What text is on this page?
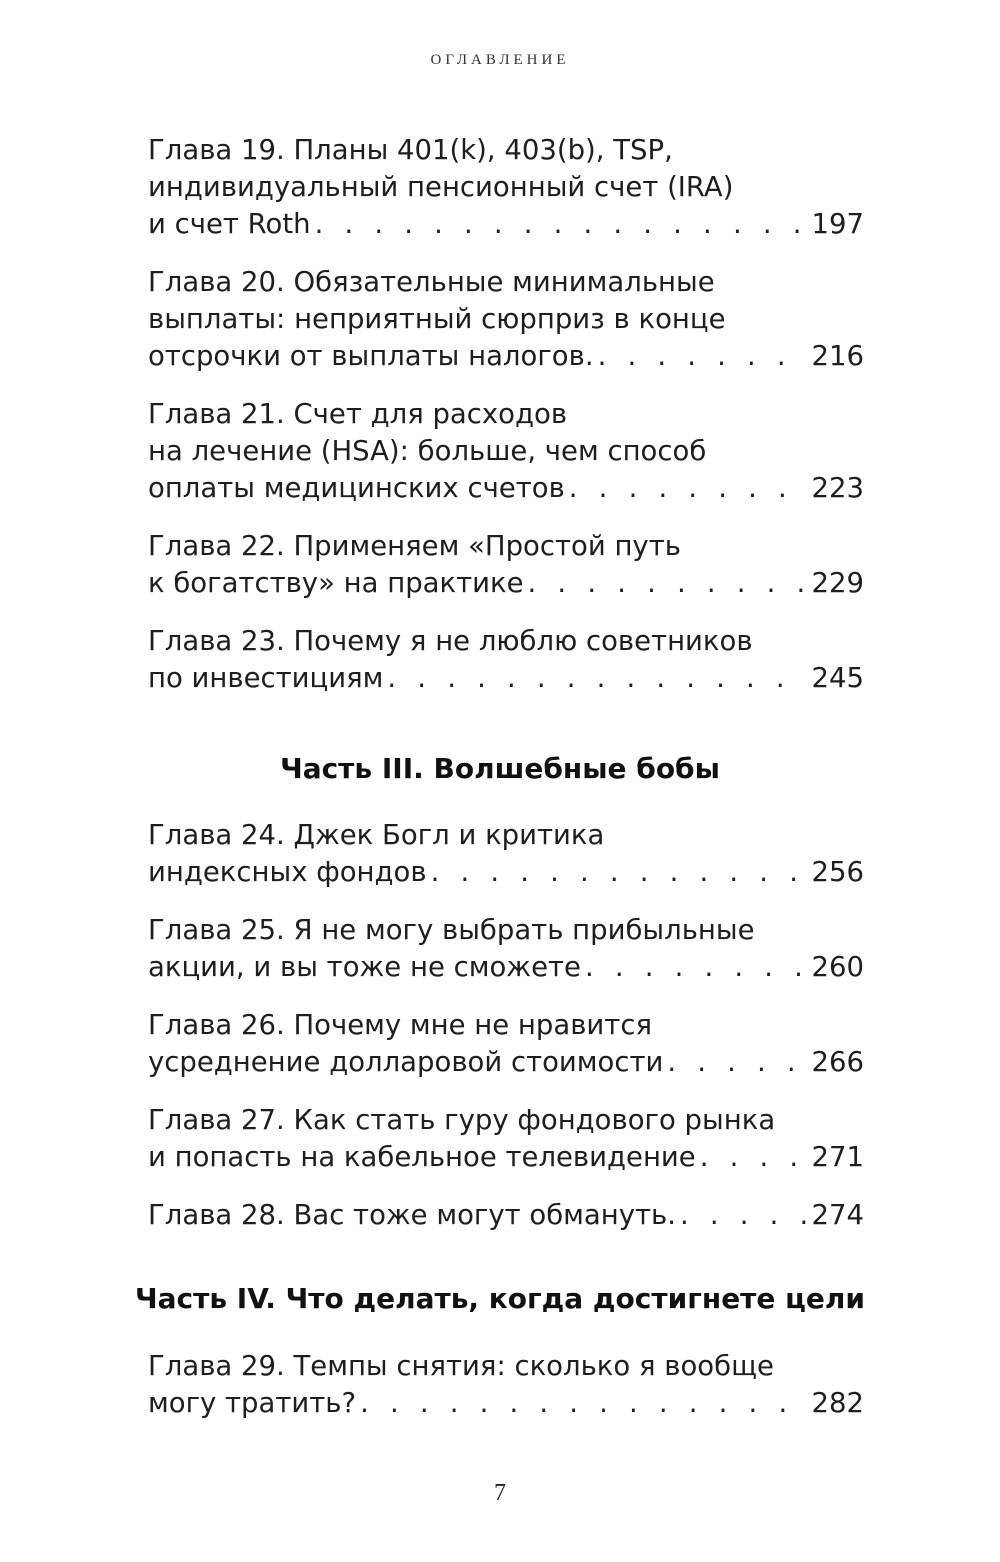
ОГЛАВЛЕНИЕ
Глава 19. Планы 401(k), 403(b), TSP,
индивидуальный пенсионный счет (IRA)
и счет Roth . . .	197
Глава 20. Обязательные минимальные
выплаты: неприятный сюрприз в конце
отсрочки от выплаты налогов. . . .	216
Глава 21. Счет для расходов
на лечение (HSA): больше, чем способ
оплаты медицинских счетов . . .	223
Глава 22. Применяем «Простой путь
к богатству» на практике . . .	229
Глава 23. Почему я не люблю советников
по инвестициям . . .	245
Часть III. Волшебные бобы
Глава 24. Джек Богл и критика
индексных фондов . . .	256
Глава 25. Я не могу выбрать прибыльные
акции, и вы тоже не сможете . . .	260
Глава 26. Почему мне не нравится
усреднение долларовой стоимости . . .	266
Глава 27. Как стать гуру фондового рынка
и попасть на кабельное телевидение . . .	271
Глава 28. Вас тоже могут обмануть. . . .	274
Часть IV. Что делать, когда достигнете цели
Глава 29. Темпы снятия: сколько я вообще
могу тратить? . . .	282
7
